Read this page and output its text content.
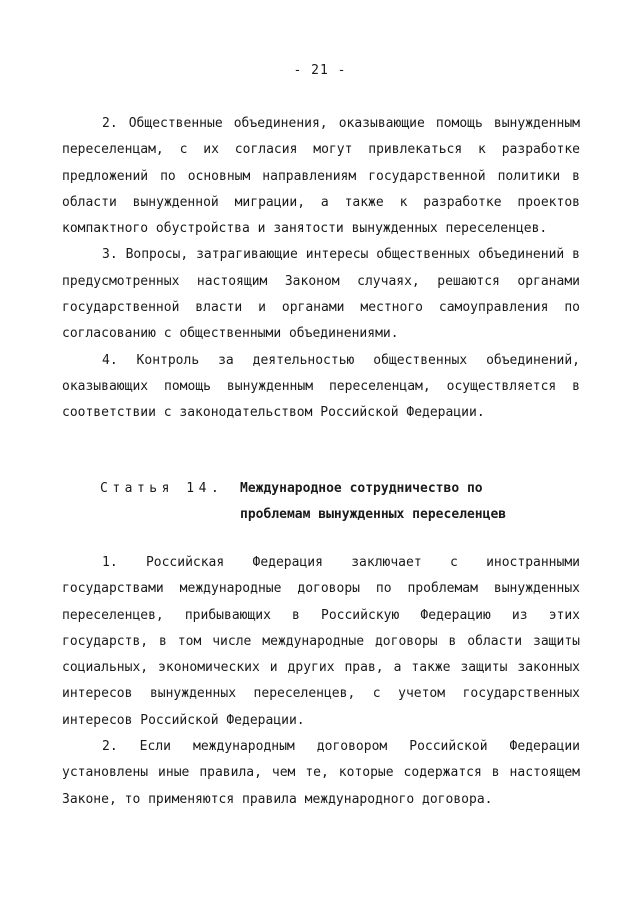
- 21 -

2. Общественные объединения, оказывающие помощь вынужденным переселенцам, с их согласия могут привлекаться к разработке предложений по основным направлениям государственной политики в области вынужденной миграции, а также к разработке проектов компактного обустройства и занятости вынужденных переселенцев.

3. Вопросы, затрагивающие интересы общественных объединений в предусмотренных настоящим Законом случаях, решаются органами государственной власти и органами местного самоуправления по согласованию с общественными объединениями.

4. Контроль за деятельностью общественных объединений, оказывающих помощь вынужденным переселенцам, осуществляется в соответствии с законодательством Российской Федерации.

Статья 14. Международное сотрудничество по
проблемам вынужденных переселенцев

1. Российская Федерация заключает с иностранными государствами международные договоры по проблемам вынужденных переселенцев, прибывающих в Российскую Федерацию из этих государств, в том числе международные договоры в области защиты социальных, экономических и других прав, а также защиты законных интересов вынужденных переселенцев, с учетом государственных интересов Российской Федерации.

2. Если международным договором Российской Федерации установлены иные правила, чем те, которые содержатся в настоящем Законе, то применяются правила международного договора.
